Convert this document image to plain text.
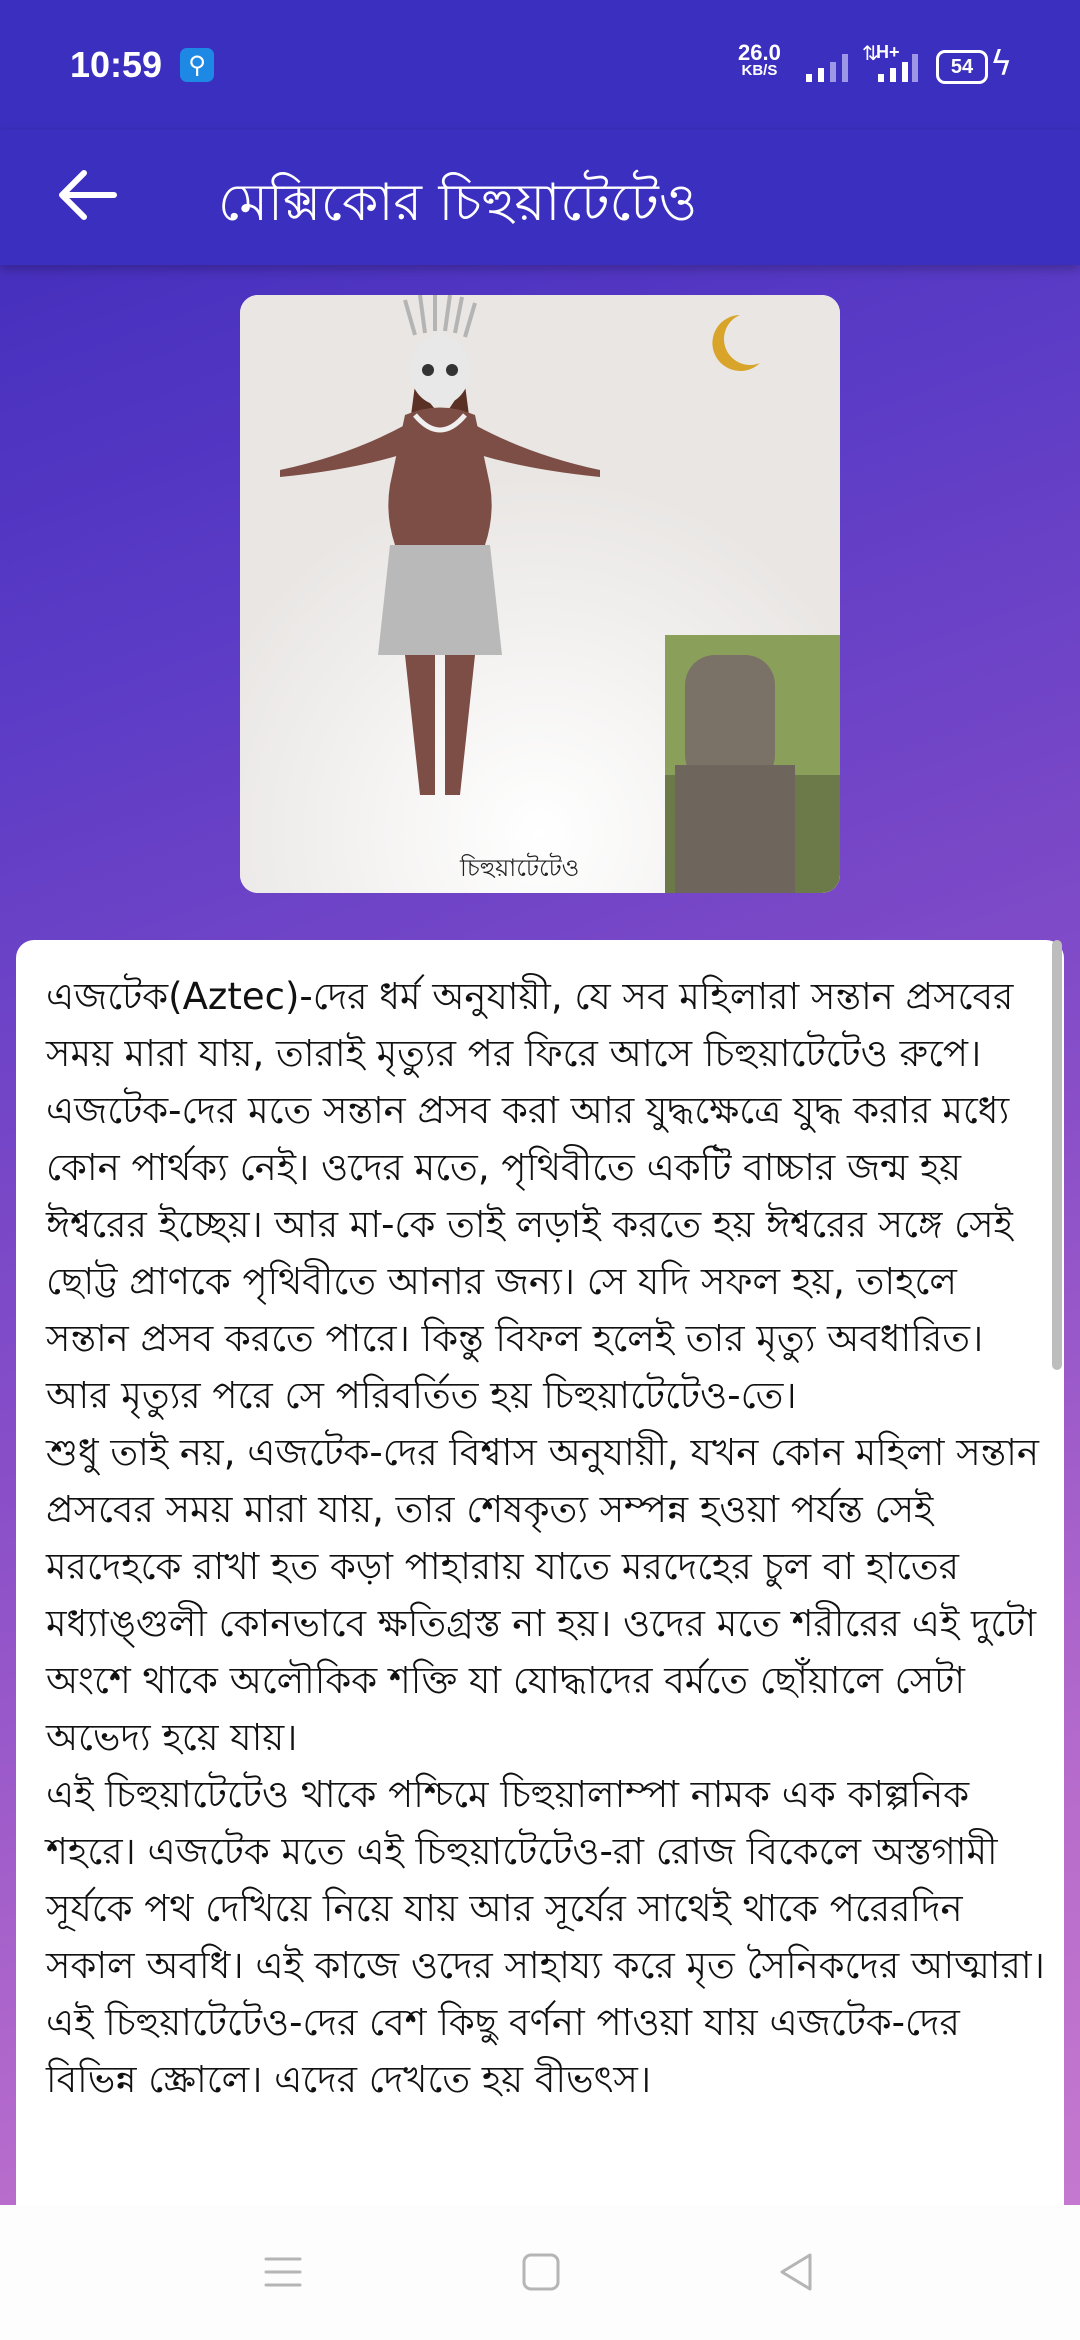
10:59	⚲	26.0
KB/S
⇅
H+
54 ϟ
মেক্সিকোর চিহুয়াটেটেও
চিহুয়াটেটেও
এজটেক(Aztec)-দের ধর্ম অনুযায়ী, যে সব মহিলারা সন্তান প্রসবের সময় মারা যায়, তারাই মৃত্যুর পর ফিরে আসে চিহুয়াটেটেও রুপে। এজটেক-দের মতে সন্তান প্রসব করা আর যুদ্ধক্ষেত্রে যুদ্ধ করার মধ্যে কোন পার্থক্য নেই। ওদের মতে, পৃথিবীতে একটি বাচ্চার জন্ম হয় ঈশ্বরের ইচ্ছেয়। আর মা-কে তাই লড়াই করতে হয় ঈশ্বরের সঙ্গে সেই ছোট্ট প্রাণকে পৃথিবীতে আনার জন্য। সে যদি সফল হয়, তাহলে সন্তান প্রসব করতে পারে। কিন্তু বিফল হলেই তার মৃত্যু অবধারিত। আর মৃত্যুর পরে সে পরিবর্তিত হয় চিহুয়াটেটেও-তে।
শুধু তাই নয়, এজটেক-দের বিশ্বাস অনুযায়ী, যখন কোন মহিলা সন্তান প্রসবের সময় মারা যায়, তার শেষকৃত্য সম্পন্ন হওয়া পর্যন্ত সেই মরদেহকে রাখা হত কড়া পাহারায় যাতে মরদেহের চুল বা হাতের মধ্যাঙ্গুলী কোনভাবে ক্ষতিগ্রস্ত না হয়। ওদের মতে শরীরের এই দুটো অংশে থাকে অলৌকিক শক্তি যা যোদ্ধাদের বর্মতে ছোঁয়ালে সেটা অভেদ্য হয়ে যায়।
এই চিহুয়াটেটেও থাকে পশ্চিমে চিহুয়ালাম্পা নামক এক কাল্পনিক শহরে। এজটেক মতে এই চিহুয়াটেটেও-রা রোজ বিকেলে অস্তগামী সূর্যকে পথ দেখিয়ে নিয়ে যায় আর সূর্যের সাথেই থাকে পরেরদিন সকাল অবধি। এই কাজে ওদের সাহায্য করে মৃত সৈনিকদের আত্মারা।
এই চিহুয়াটেটেও-দের বেশ কিছু বর্ণনা পাওয়া যায় এজটেক-দের বিভিন্ন স্ক্রোলে। এদের দেখতে হয় বীভৎস।
